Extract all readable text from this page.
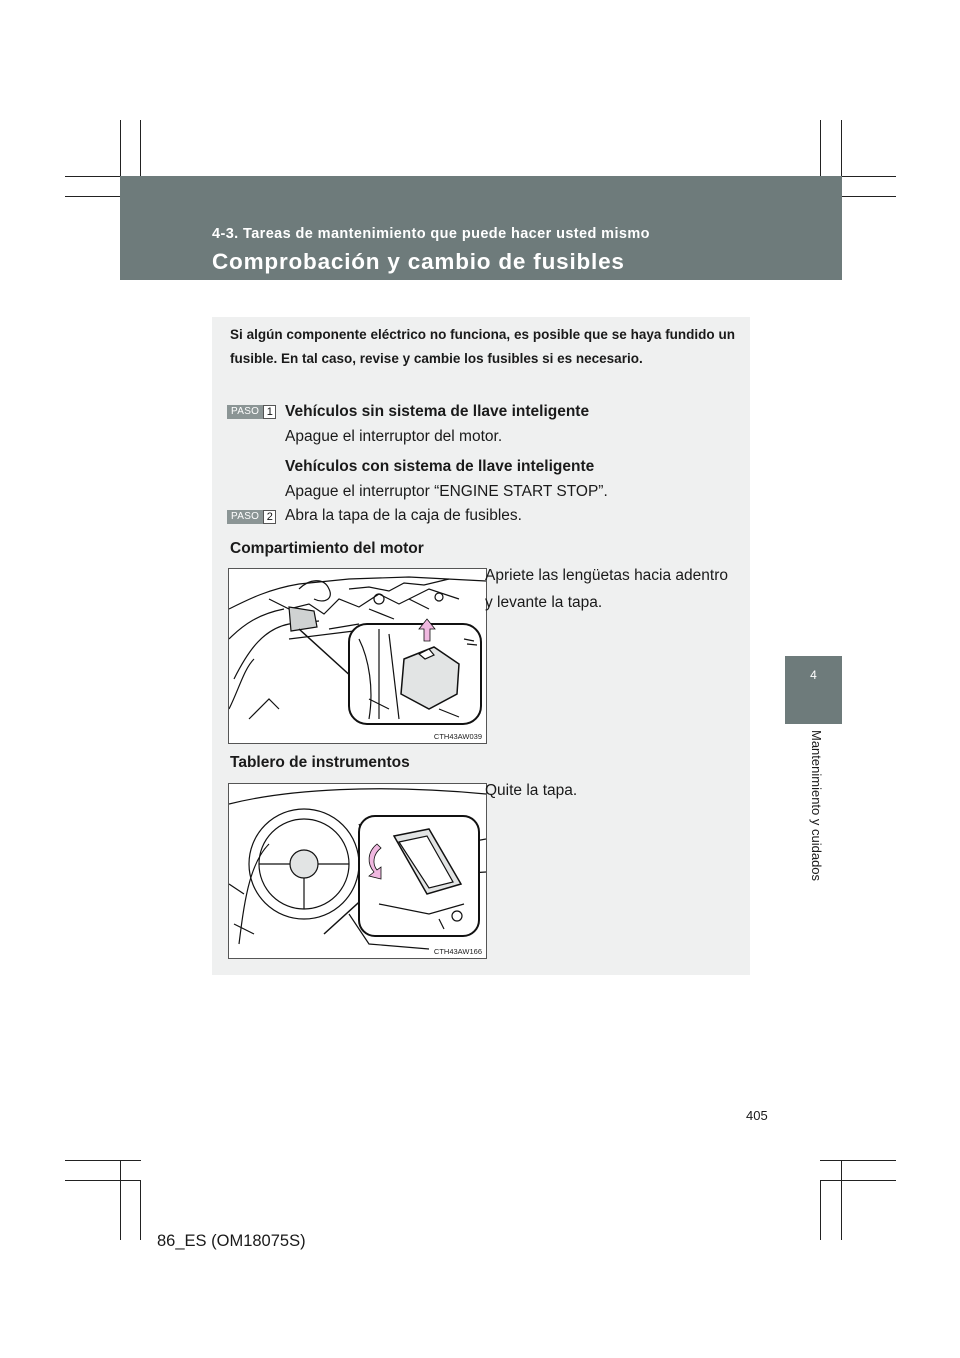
4-3. Tareas de mantenimiento que puede hacer usted mismo
Comprobación y cambio de fusibles
4
Mantenimiento y cuidados
Si algún componente eléctrico no funciona, es posible que se haya fundido un fusible. En tal caso, revise y cambie los fusibles si es necesario.
PASO 1 Vehículos sin sistema de llave inteligente
Apague el interruptor del motor.
Vehículos con sistema de llave inteligente
Apague el interruptor “ENGINE START STOP”.
PASO 2 Abra la tapa de la caja de fusibles.
Compartimiento del motor
CTH43AW039
Apriete las lengüetas hacia adentro y levante la tapa.
Tablero de instrumentos
CTH43AW166
Quite la tapa.
405
86_ES (OM18075S)
